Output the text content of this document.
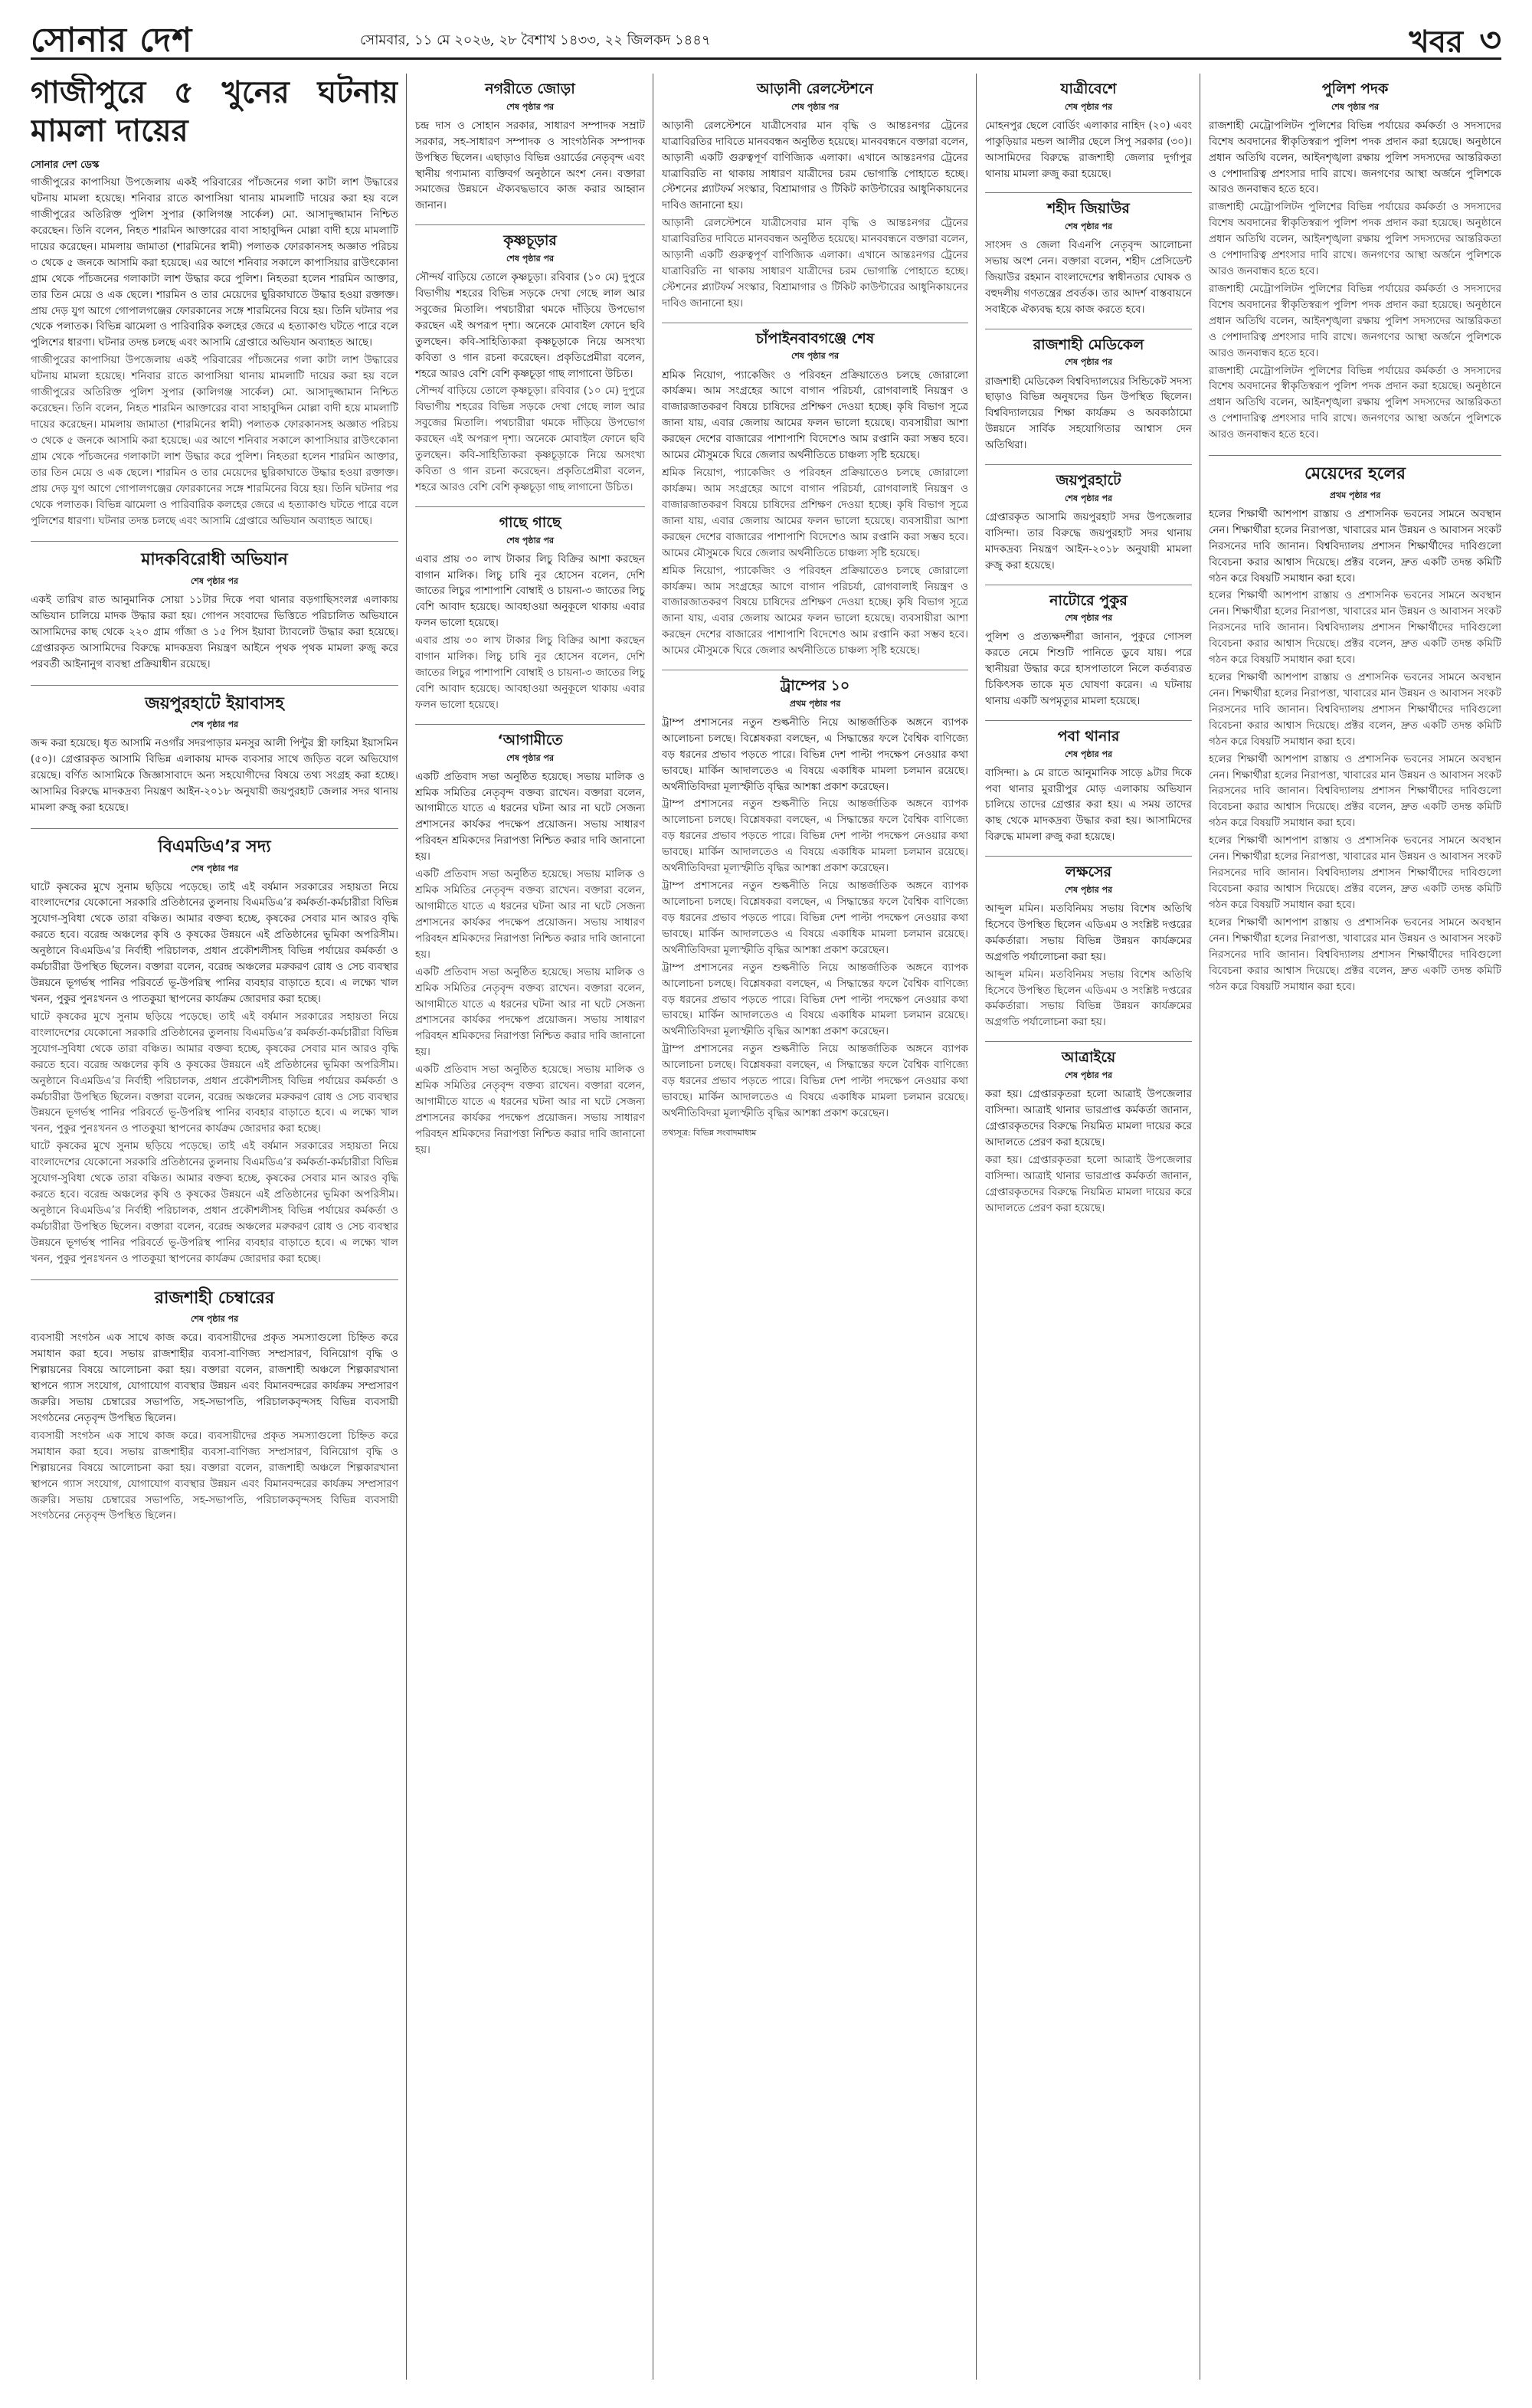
সোনার দেশ	সোমবার, ১১ মে ২০২৬, ২৮ বৈশাখ ১৪৩৩, ২২ জিলকদ ১৪৪৭	খবর ৩
গাজীপুরে ৫ খুনের ঘটনায় মামলা দায়ের
সোনার দেশ ডেস্ক

গাজীপুরের কাপাসিয়া উপজেলায় একই পরিবারের পাঁচজনের গলা কাটা লাশ উদ্ধারের ঘটনায় মামলা হয়েছে। শনিবার রাতে কাপাসিয়া থানায় মামলাটি দায়ের করা হয় বলে গাজীপুরের অতিরিক্ত পুলিশ সুপার (কালিগঞ্জ সার্কেল) মো. আসাদুজ্জামান নিশ্চিত করেছেন। তিনি বলেন, নিহত শারমিন আক্তারের বাবা সাহাবুদ্দিন মোল্লা বাদী হয়ে মামলাটি দায়ের করেছেন। মামলায় জামাতা (শারমিনের স্বামী) পলাতক ফোরকানসহ অজ্ঞাত পরিচয় ৩ থেকে ৫ জনকে আসামি করা হয়েছে। এর আগে শনিবার সকালে কাপাসিয়ার রাউৎকোনা গ্রাম থেকে পাঁচজনের গলাকাটা লাশ উদ্ধার করে পুলিশ। নিহতরা হলেন শারমিন আক্তার, তার তিন মেয়ে ও এক ছেলে। শারমিন ও তার মেয়েদের ছুরিকাঘাতে উদ্ধার হওয়া রক্তাক্ত। প্রায় দেড় যুগ আগে গোপালগঞ্জের ফোরকানের সঙ্গে শারমিনের বিয়ে হয়। তিনি ঘটনার পর থেকে পলাতক। বিভিন্ন ঝামেলা ও পারিবারিক কলহের জেরে এ হত্যাকাণ্ড ঘটতে পারে বলে পুলিশের ধারণা। ঘটনার তদন্ত চলছে এবং আসামি গ্রেপ্তারে অভিযান অব্যাহত আছে।

গাজীপুরের কাপাসিয়া উপজেলায় একই পরিবারের পাঁচজনের গলা কাটা লাশ উদ্ধারের ঘটনায় মামলা হয়েছে। শনিবার রাতে কাপাসিয়া থানায় মামলাটি দায়ের করা হয় বলে গাজীপুরের অতিরিক্ত পুলিশ সুপার (কালিগঞ্জ সার্কেল) মো. আসাদুজ্জামান নিশ্চিত করেছেন। তিনি বলেন, নিহত শারমিন আক্তারের বাবা সাহাবুদ্দিন মোল্লা বাদী হয়ে মামলাটি দায়ের করেছেন। মামলায় জামাতা (শারমিনের স্বামী) পলাতক ফোরকানসহ অজ্ঞাত পরিচয় ৩ থেকে ৫ জনকে আসামি করা হয়েছে। এর আগে শনিবার সকালে কাপাসিয়ার রাউৎকোনা গ্রাম থেকে পাঁচজনের গলাকাটা লাশ উদ্ধার করে পুলিশ। নিহতরা হলেন শারমিন আক্তার, তার তিন মেয়ে ও এক ছেলে। শারমিন ও তার মেয়েদের ছুরিকাঘাতে উদ্ধার হওয়া রক্তাক্ত। প্রায় দেড় যুগ আগে গোপালগঞ্জের ফোরকানের সঙ্গে শারমিনের বিয়ে হয়। তিনি ঘটনার পর থেকে পলাতক। বিভিন্ন ঝামেলা ও পারিবারিক কলহের জেরে এ হত্যাকাণ্ড ঘটতে পারে বলে পুলিশের ধারণা। ঘটনার তদন্ত চলছে এবং আসামি গ্রেপ্তারে অভিযান অব্যাহত আছে।

মাদকবিরোধী অভিযান
শেষ পৃষ্ঠার পর

একই তারিখ রাত আনুমানিক সোয়া ১১টার দিকে পবা থানার বড়গাছিসংলগ্ন এলাকায় অভিযান চালিয়ে মাদক উদ্ধার করা হয়। গোপন সংবাদের ভিত্তিতে পরিচালিত অভিযানে আসামিদের কাছ থেকে ২২০ গ্রাম গাঁজা ও ১৫ পিস ইয়াবা ট্যাবলেট উদ্ধার করা হয়েছে। গ্রেপ্তারকৃত আসামিদের বিরুদ্ধে মাদকদ্রব্য নিয়ন্ত্রণ আইনে পৃথক পৃথক মামলা রুজু করে পরবর্তী আইনানুগ ব্যবস্থা প্রক্রিয়াধীন রয়েছে।

জয়পুরহাটে ইয়াবাসহ
শেষ পৃষ্ঠার পর

জব্দ করা হয়েছে। ধৃত আসামি নওগাঁর সদরপাড়ার মনসুর আলী পিন্টুর স্ত্রী ফাহিমা ইয়াসমিন (৫০)। গ্রেপ্তারকৃত আসামি বিভিন্ন এলাকায় মাদক ব্যবসার সাথে জড়িত বলে অভিযোগ রয়েছে। বর্ণিত আসামিকে জিজ্ঞাসাবাদে অন্য সহযোগীদের বিষয়ে তথ্য সংগ্রহ করা হচ্ছে। আসামির বিরুদ্ধে মাদকদ্রব্য নিয়ন্ত্রণ আইন-২০১৮ অনুযায়ী জয়পুরহাট জেলার সদর থানায় মামলা রুজু করা হয়েছে।

বিএমডিএ’র সদ্য
শেষ পৃষ্ঠার পর

ঘাটে কৃষকের মুখে সুনাম ছড়িয়ে পড়েছে। তাই এই বর্ষমান সরকারের সহায়তা নিয়ে বাংলাদেশের যেকোনো সরকারি প্রতিষ্ঠানের তুলনায় বিএমডিএ’র কর্মকর্তা-কর্মচারীরা বিভিন্ন সুযোগ-সুবিধা থেকে তারা বঞ্চিত। আমার বক্তব্য হচ্ছে, কৃষকের সেবার মান আরও বৃদ্ধি করতে হবে। বরেন্দ্র অঞ্চলের কৃষি ও কৃষকের উন্নয়নে এই প্রতিষ্ঠানের ভূমিকা অপরিসীম। অনুষ্ঠানে বিএমডিএ’র নির্বাহী পরিচালক, প্রধান প্রকৌশলীসহ বিভিন্ন পর্যায়ের কর্মকর্তা ও কর্মচারীরা উপস্থিত ছিলেন। বক্তারা বলেন, বরেন্দ্র অঞ্চলের মরুকরণ রোধ ও সেচ ব্যবস্থার উন্নয়নে ভূগর্ভস্থ পানির পরিবর্তে ভূ-উপরিস্থ পানির ব্যবহার বাড়াতে হবে। এ লক্ষ্যে খাল খনন, পুকুর পুনঃখনন ও পাতকুয়া স্থাপনের কার্যক্রম জোরদার করা হচ্ছে।

ঘাটে কৃষকের মুখে সুনাম ছড়িয়ে পড়েছে। তাই এই বর্ষমান সরকারের সহায়তা নিয়ে বাংলাদেশের যেকোনো সরকারি প্রতিষ্ঠানের তুলনায় বিএমডিএ’র কর্মকর্তা-কর্মচারীরা বিভিন্ন সুযোগ-সুবিধা থেকে তারা বঞ্চিত। আমার বক্তব্য হচ্ছে, কৃষকের সেবার মান আরও বৃদ্ধি করতে হবে। বরেন্দ্র অঞ্চলের কৃষি ও কৃষকের উন্নয়নে এই প্রতিষ্ঠানের ভূমিকা অপরিসীম। অনুষ্ঠানে বিএমডিএ’র নির্বাহী পরিচালক, প্রধান প্রকৌশলীসহ বিভিন্ন পর্যায়ের কর্মকর্তা ও কর্মচারীরা উপস্থিত ছিলেন। বক্তারা বলেন, বরেন্দ্র অঞ্চলের মরুকরণ রোধ ও সেচ ব্যবস্থার উন্নয়নে ভূগর্ভস্থ পানির পরিবর্তে ভূ-উপরিস্থ পানির ব্যবহার বাড়াতে হবে। এ লক্ষ্যে খাল খনন, পুকুর পুনঃখনন ও পাতকুয়া স্থাপনের কার্যক্রম জোরদার করা হচ্ছে।

ঘাটে কৃষকের মুখে সুনাম ছড়িয়ে পড়েছে। তাই এই বর্ষমান সরকারের সহায়তা নিয়ে বাংলাদেশের যেকোনো সরকারি প্রতিষ্ঠানের তুলনায় বিএমডিএ’র কর্মকর্তা-কর্মচারীরা বিভিন্ন সুযোগ-সুবিধা থেকে তারা বঞ্চিত। আমার বক্তব্য হচ্ছে, কৃষকের সেবার মান আরও বৃদ্ধি করতে হবে। বরেন্দ্র অঞ্চলের কৃষি ও কৃষকের উন্নয়নে এই প্রতিষ্ঠানের ভূমিকা অপরিসীম। অনুষ্ঠানে বিএমডিএ’র নির্বাহী পরিচালক, প্রধান প্রকৌশলীসহ বিভিন্ন পর্যায়ের কর্মকর্তা ও কর্মচারীরা উপস্থিত ছিলেন। বক্তারা বলেন, বরেন্দ্র অঞ্চলের মরুকরণ রোধ ও সেচ ব্যবস্থার উন্নয়নে ভূগর্ভস্থ পানির পরিবর্তে ভূ-উপরিস্থ পানির ব্যবহার বাড়াতে হবে। এ লক্ষ্যে খাল খনন, পুকুর পুনঃখনন ও পাতকুয়া স্থাপনের কার্যক্রম জোরদার করা হচ্ছে।

রাজশাহী চেম্বারের
শেষ পৃষ্ঠার পর

ব্যবসায়ী সংগঠন এক সাথে কাজ করে। ব্যবসায়ীদের প্রকৃত সমস্যাগুলো চিহ্নিত করে সমাধান করা হবে। সভায় রাজশাহীর ব্যবসা-বাণিজ্য সম্প্রসারণ, বিনিয়োগ বৃদ্ধি ও শিল্পায়নের বিষয়ে আলোচনা করা হয়। বক্তারা বলেন, রাজশাহী অঞ্চলে শিল্পকারখানা স্থাপনে গ্যাস সংযোগ, যোগাযোগ ব্যবস্থার উন্নয়ন এবং বিমানবন্দরের কার্যক্রম সম্প্রসারণ জরুরি। সভায় চেম্বারের সভাপতি, সহ-সভাপতি, পরিচালকবৃন্দসহ বিভিন্ন ব্যবসায়ী সংগঠনের নেতৃবৃন্দ উপস্থিত ছিলেন।

ব্যবসায়ী সংগঠন এক সাথে কাজ করে। ব্যবসায়ীদের প্রকৃত সমস্যাগুলো চিহ্নিত করে সমাধান করা হবে। সভায় রাজশাহীর ব্যবসা-বাণিজ্য সম্প্রসারণ, বিনিয়োগ বৃদ্ধি ও শিল্পায়নের বিষয়ে আলোচনা করা হয়। বক্তারা বলেন, রাজশাহী অঞ্চলে শিল্পকারখানা স্থাপনে গ্যাস সংযোগ, যোগাযোগ ব্যবস্থার উন্নয়ন এবং বিমানবন্দরের কার্যক্রম সম্প্রসারণ জরুরি। সভায় চেম্বারের সভাপতি, সহ-সভাপতি, পরিচালকবৃন্দসহ বিভিন্ন ব্যবসায়ী সংগঠনের নেতৃবৃন্দ উপস্থিত ছিলেন।

নগরীতে জোড়া
শেষ পৃষ্ঠার পর

চন্দ্র দাস ও সোহান সরকার, সাধারণ সম্পাদক সম্রাট সরকার, সহ-সাধারণ সম্পাদক ও সাংগঠনিক সম্পাদক উপস্থিত ছিলেন। এছাড়াও বিভিন্ন ওয়ার্ডের নেতৃবৃন্দ এবং স্থানীয় গণ্যমান্য ব্যক্তিবর্গ অনুষ্ঠানে অংশ নেন। বক্তারা সমাজের উন্নয়নে ঐক্যবদ্ধভাবে কাজ করার আহ্বান জানান।

কৃষ্ণচূড়ার
শেষ পৃষ্ঠার পর

সৌন্দর্য বাড়িয়ে তোলে কৃষ্ণচূড়া। রবিবার (১০ মে) দুপুরে বিভাগীয় শহরের বিভিন্ন সড়কে দেখা গেছে লাল আর সবুজের মিতালি। পথচারীরা থমকে দাঁড়িয়ে উপভোগ করছেন এই অপরূপ দৃশ্য। অনেকে মোবাইল ফোনে ছবি তুলছেন। কবি-সাহিত্যিকরা কৃষ্ণচূড়াকে নিয়ে অসংখ্য কবিতা ও গান রচনা করেছেন। প্রকৃতিপ্রেমীরা বলেন, শহরে আরও বেশি বেশি কৃষ্ণচূড়া গাছ লাগানো উচিত।

সৌন্দর্য বাড়িয়ে তোলে কৃষ্ণচূড়া। রবিবার (১০ মে) দুপুরে বিভাগীয় শহরের বিভিন্ন সড়কে দেখা গেছে লাল আর সবুজের মিতালি। পথচারীরা থমকে দাঁড়িয়ে উপভোগ করছেন এই অপরূপ দৃশ্য। অনেকে মোবাইল ফোনে ছবি তুলছেন। কবি-সাহিত্যিকরা কৃষ্ণচূড়াকে নিয়ে অসংখ্য কবিতা ও গান রচনা করেছেন। প্রকৃতিপ্রেমীরা বলেন, শহরে আরও বেশি বেশি কৃষ্ণচূড়া গাছ লাগানো উচিত।

গাছে গাছে
শেষ পৃষ্ঠার পর

এবার প্রায় ৩০ লাখ টাকার লিচু বিক্রির আশা করছেন বাগান মালিক। লিচু চাষি নুর হোসেন বলেন, দেশি জাতের লিচুর পাশাপাশি বোম্বাই ও চায়না-৩ জাতের লিচু বেশি আবাদ হয়েছে। আবহাওয়া অনুকূলে থাকায় এবার ফলন ভালো হয়েছে।

এবার প্রায় ৩০ লাখ টাকার লিচু বিক্রির আশা করছেন বাগান মালিক। লিচু চাষি নুর হোসেন বলেন, দেশি জাতের লিচুর পাশাপাশি বোম্বাই ও চায়না-৩ জাতের লিচু বেশি আবাদ হয়েছে। আবহাওয়া অনুকূলে থাকায় এবার ফলন ভালো হয়েছে।

‘আগামীতে
শেষ পৃষ্ঠার পর

একটি প্রতিবাদ সভা অনুষ্ঠিত হয়েছে। সভায় মালিক ও শ্রমিক সমিতির নেতৃবৃন্দ বক্তব্য রাখেন। বক্তারা বলেন, আগামীতে যাতে এ ধরনের ঘটনা আর না ঘটে সেজন্য প্রশাসনের কার্যকর পদক্ষেপ প্রয়োজন। সভায় সাধারণ পরিবহন শ্রমিকদের নিরাপত্তা নিশ্চিত করার দাবি জানানো হয়।

একটি প্রতিবাদ সভা অনুষ্ঠিত হয়েছে। সভায় মালিক ও শ্রমিক সমিতির নেতৃবৃন্দ বক্তব্য রাখেন। বক্তারা বলেন, আগামীতে যাতে এ ধরনের ঘটনা আর না ঘটে সেজন্য প্রশাসনের কার্যকর পদক্ষেপ প্রয়োজন। সভায় সাধারণ পরিবহন শ্রমিকদের নিরাপত্তা নিশ্চিত করার দাবি জানানো হয়।

একটি প্রতিবাদ সভা অনুষ্ঠিত হয়েছে। সভায় মালিক ও শ্রমিক সমিতির নেতৃবৃন্দ বক্তব্য রাখেন। বক্তারা বলেন, আগামীতে যাতে এ ধরনের ঘটনা আর না ঘটে সেজন্য প্রশাসনের কার্যকর পদক্ষেপ প্রয়োজন। সভায় সাধারণ পরিবহন শ্রমিকদের নিরাপত্তা নিশ্চিত করার দাবি জানানো হয়।

একটি প্রতিবাদ সভা অনুষ্ঠিত হয়েছে। সভায় মালিক ও শ্রমিক সমিতির নেতৃবৃন্দ বক্তব্য রাখেন। বক্তারা বলেন, আগামীতে যাতে এ ধরনের ঘটনা আর না ঘটে সেজন্য প্রশাসনের কার্যকর পদক্ষেপ প্রয়োজন। সভায় সাধারণ পরিবহন শ্রমিকদের নিরাপত্তা নিশ্চিত করার দাবি জানানো হয়।

আড়ানী রেলস্টেশনে
শেষ পৃষ্ঠার পর

আড়ানী রেলস্টেশনে যাত্রীসেবার মান বৃদ্ধি ও আন্তঃনগর ট্রেনের যাত্রাবিরতির দাবিতে মানববন্ধন অনুষ্ঠিত হয়েছে। মানববন্ধনে বক্তারা বলেন, আড়ানী একটি গুরুত্বপূর্ণ বাণিজ্যিক এলাকা। এখানে আন্তঃনগর ট্রেনের যাত্রাবিরতি না থাকায় সাধারণ যাত্রীদের চরম ভোগান্তি পোহাতে হচ্ছে। স্টেশনের প্ল্যাটফর্ম সংস্কার, বিশ্রামাগার ও টিকিট কাউন্টারের আধুনিকায়নের দাবিও জানানো হয়।

আড়ানী রেলস্টেশনে যাত্রীসেবার মান বৃদ্ধি ও আন্তঃনগর ট্রেনের যাত্রাবিরতির দাবিতে মানববন্ধন অনুষ্ঠিত হয়েছে। মানববন্ধনে বক্তারা বলেন, আড়ানী একটি গুরুত্বপূর্ণ বাণিজ্যিক এলাকা। এখানে আন্তঃনগর ট্রেনের যাত্রাবিরতি না থাকায় সাধারণ যাত্রীদের চরম ভোগান্তি পোহাতে হচ্ছে। স্টেশনের প্ল্যাটফর্ম সংস্কার, বিশ্রামাগার ও টিকিট কাউন্টারের আধুনিকায়নের দাবিও জানানো হয়।

চাঁপাইনবাবগঞ্জে শেষ
শেষ পৃষ্ঠার পর

শ্রমিক নিয়োগ, প্যাকেজিং ও পরিবহন প্রক্রিয়াতেও চলছে জোরালো কার্যক্রম। আম সংগ্রহের আগে বাগান পরিচর্যা, রোগবালাই নিয়ন্ত্রণ ও বাজারজাতকরণ বিষয়ে চাষিদের প্রশিক্ষণ দেওয়া হচ্ছে। কৃষি বিভাগ সূত্রে জানা যায়, এবার জেলায় আমের ফলন ভালো হয়েছে। ব্যবসায়ীরা আশা করছেন দেশের বাজারের পাশাপাশি বিদেশেও আম রপ্তানি করা সম্ভব হবে। আমের মৌসুমকে ঘিরে জেলার অর্থনীতিতে চাঞ্চল্য সৃষ্টি হয়েছে।

শ্রমিক নিয়োগ, প্যাকেজিং ও পরিবহন প্রক্রিয়াতেও চলছে জোরালো কার্যক্রম। আম সংগ্রহের আগে বাগান পরিচর্যা, রোগবালাই নিয়ন্ত্রণ ও বাজারজাতকরণ বিষয়ে চাষিদের প্রশিক্ষণ দেওয়া হচ্ছে। কৃষি বিভাগ সূত্রে জানা যায়, এবার জেলায় আমের ফলন ভালো হয়েছে। ব্যবসায়ীরা আশা করছেন দেশের বাজারের পাশাপাশি বিদেশেও আম রপ্তানি করা সম্ভব হবে। আমের মৌসুমকে ঘিরে জেলার অর্থনীতিতে চাঞ্চল্য সৃষ্টি হয়েছে।

শ্রমিক নিয়োগ, প্যাকেজিং ও পরিবহন প্রক্রিয়াতেও চলছে জোরালো কার্যক্রম। আম সংগ্রহের আগে বাগান পরিচর্যা, রোগবালাই নিয়ন্ত্রণ ও বাজারজাতকরণ বিষয়ে চাষিদের প্রশিক্ষণ দেওয়া হচ্ছে। কৃষি বিভাগ সূত্রে জানা যায়, এবার জেলায় আমের ফলন ভালো হয়েছে। ব্যবসায়ীরা আশা করছেন দেশের বাজারের পাশাপাশি বিদেশেও আম রপ্তানি করা সম্ভব হবে। আমের মৌসুমকে ঘিরে জেলার অর্থনীতিতে চাঞ্চল্য সৃষ্টি হয়েছে।

ট্রাম্পের ১০
প্রথম পৃষ্ঠার পর

ট্রাম্প প্রশাসনের নতুন শুল্কনীতি নিয়ে আন্তর্জাতিক অঙ্গনে ব্যাপক আলোচনা চলছে। বিশ্লেষকরা বলছেন, এ সিদ্ধান্তের ফলে বৈশ্বিক বাণিজ্যে বড় ধরনের প্রভাব পড়তে পারে। বিভিন্ন দেশ পাল্টা পদক্ষেপ নেওয়ার কথা ভাবছে। মার্কিন আদালতেও এ বিষয়ে একাধিক মামলা চলমান রয়েছে। অর্থনীতিবিদরা মূল্যস্ফীতি বৃদ্ধির আশঙ্কা প্রকাশ করেছেন।

ট্রাম্প প্রশাসনের নতুন শুল্কনীতি নিয়ে আন্তর্জাতিক অঙ্গনে ব্যাপক আলোচনা চলছে। বিশ্লেষকরা বলছেন, এ সিদ্ধান্তের ফলে বৈশ্বিক বাণিজ্যে বড় ধরনের প্রভাব পড়তে পারে। বিভিন্ন দেশ পাল্টা পদক্ষেপ নেওয়ার কথা ভাবছে। মার্কিন আদালতেও এ বিষয়ে একাধিক মামলা চলমান রয়েছে। অর্থনীতিবিদরা মূল্যস্ফীতি বৃদ্ধির আশঙ্কা প্রকাশ করেছেন।

ট্রাম্প প্রশাসনের নতুন শুল্কনীতি নিয়ে আন্তর্জাতিক অঙ্গনে ব্যাপক আলোচনা চলছে। বিশ্লেষকরা বলছেন, এ সিদ্ধান্তের ফলে বৈশ্বিক বাণিজ্যে বড় ধরনের প্রভাব পড়তে পারে। বিভিন্ন দেশ পাল্টা পদক্ষেপ নেওয়ার কথা ভাবছে। মার্কিন আদালতেও এ বিষয়ে একাধিক মামলা চলমান রয়েছে। অর্থনীতিবিদরা মূল্যস্ফীতি বৃদ্ধির আশঙ্কা প্রকাশ করেছেন।

ট্রাম্প প্রশাসনের নতুন শুল্কনীতি নিয়ে আন্তর্জাতিক অঙ্গনে ব্যাপক আলোচনা চলছে। বিশ্লেষকরা বলছেন, এ সিদ্ধান্তের ফলে বৈশ্বিক বাণিজ্যে বড় ধরনের প্রভাব পড়তে পারে। বিভিন্ন দেশ পাল্টা পদক্ষেপ নেওয়ার কথা ভাবছে। মার্কিন আদালতেও এ বিষয়ে একাধিক মামলা চলমান রয়েছে। অর্থনীতিবিদরা মূল্যস্ফীতি বৃদ্ধির আশঙ্কা প্রকাশ করেছেন।

ট্রাম্প প্রশাসনের নতুন শুল্কনীতি নিয়ে আন্তর্জাতিক অঙ্গনে ব্যাপক আলোচনা চলছে। বিশ্লেষকরা বলছেন, এ সিদ্ধান্তের ফলে বৈশ্বিক বাণিজ্যে বড় ধরনের প্রভাব পড়তে পারে। বিভিন্ন দেশ পাল্টা পদক্ষেপ নেওয়ার কথা ভাবছে। মার্কিন আদালতেও এ বিষয়ে একাধিক মামলা চলমান রয়েছে। অর্থনীতিবিদরা মূল্যস্ফীতি বৃদ্ধির আশঙ্কা প্রকাশ করেছেন।

তথ্যসূত্র: বিভিন্ন সংবাদমাধ্যম

যাত্রীবেশে
শেষ পৃষ্ঠার পর

মোহনপুর ছেলে বোর্ডিং এলাকার নাহিদ (২০) এবং পাকুড়িয়ার মন্ডল আলীর ছেলে সিপু সরকার (৩০)। আসামিদের বিরুদ্ধে রাজশাহী জেলার দুর্গাপুর থানায় মামলা রুজু করা হয়েছে।

শহীদ জিয়াউর
শেষ পৃষ্ঠার পর

সাংসদ ও জেলা বিএনপি নেতৃবৃন্দ আলোচনা সভায় অংশ নেন। বক্তারা বলেন, শহীদ প্রেসিডেন্ট জিয়াউর রহমান বাংলাদেশের স্বাধীনতার ঘোষক ও বহুদলীয় গণতন্ত্রের প্রবর্তক। তার আদর্শ বাস্তবায়নে সবাইকে ঐক্যবদ্ধ হয়ে কাজ করতে হবে।

রাজশাহী মেডিকেল
শেষ পৃষ্ঠার পর

রাজশাহী মেডিকেল বিশ্ববিদ্যালয়ের সিন্ডিকেট সদস্য ছাড়াও বিভিন্ন অনুষদের ডিন উপস্থিত ছিলেন। বিশ্ববিদ্যালয়ের শিক্ষা কার্যক্রম ও অবকাঠামো উন্নয়নে সার্বিক সহযোগিতার আশ্বাস দেন অতিথিরা।

জয়পুরহাটে
শেষ পৃষ্ঠার পর

গ্রেপ্তারকৃত আসামি জয়পুরহাট সদর উপজেলার বাসিন্দা। তার বিরুদ্ধে জয়পুরহাট সদর থানায় মাদকদ্রব্য নিয়ন্ত্রণ আইন-২০১৮ অনুযায়ী মামলা রুজু করা হয়েছে।

নাটোরে পুকুর
শেষ পৃষ্ঠার পর

পুলিশ ও প্রত্যক্ষদর্শীরা জানান, পুকুরে গোসল করতে নেমে শিশুটি পানিতে ডুবে যায়। পরে স্থানীয়রা উদ্ধার করে হাসপাতালে নিলে কর্তব্যরত চিকিৎসক তাকে মৃত ঘোষণা করেন। এ ঘটনায় থানায় একটি অপমৃত্যুর মামলা হয়েছে।

পবা থানার
শেষ পৃষ্ঠার পর

বাসিন্দা। ৯ মে রাতে আনুমানিক সাড়ে ৯টার দিকে পবা থানার মুরারীপুর মোড় এলাকায় অভিযান চালিয়ে তাদের গ্রেপ্তার করা হয়। এ সময় তাদের কাছ থেকে মাদকদ্রব্য উদ্ধার করা হয়। আসামিদের বিরুদ্ধে মামলা রুজু করা হয়েছে।

লক্ষসের
শেষ পৃষ্ঠার পর

আব্দুল মমিন। মতবিনিময় সভায় বিশেষ অতিথি হিসেবে উপস্থিত ছিলেন এডিএম ও সংশ্লিষ্ট দপ্তরের কর্মকর্তারা। সভায় বিভিন্ন উন্নয়ন কার্যক্রমের অগ্রগতি পর্যালোচনা করা হয়।

আব্দুল মমিন। মতবিনিময় সভায় বিশেষ অতিথি হিসেবে উপস্থিত ছিলেন এডিএম ও সংশ্লিষ্ট দপ্তরের কর্মকর্তারা। সভায় বিভিন্ন উন্নয়ন কার্যক্রমের অগ্রগতি পর্যালোচনা করা হয়।

আত্রাইয়ে
শেষ পৃষ্ঠার পর

করা হয়। গ্রেপ্তারকৃতরা হলো আত্রাই উপজেলার বাসিন্দা। আত্রাই থানার ভারপ্রাপ্ত কর্মকর্তা জানান, গ্রেপ্তারকৃতদের বিরুদ্ধে নিয়মিত মামলা দায়ের করে আদালতে প্রেরণ করা হয়েছে।

করা হয়। গ্রেপ্তারকৃতরা হলো আত্রাই উপজেলার বাসিন্দা। আত্রাই থানার ভারপ্রাপ্ত কর্মকর্তা জানান, গ্রেপ্তারকৃতদের বিরুদ্ধে নিয়মিত মামলা দায়ের করে আদালতে প্রেরণ করা হয়েছে।

পুলিশ পদক
শেষ পৃষ্ঠার পর

রাজশাহী মেট্রোপলিটন পুলিশের বিভিন্ন পর্যায়ের কর্মকর্তা ও সদস্যদের বিশেষ অবদানের স্বীকৃতিস্বরূপ পুলিশ পদক প্রদান করা হয়েছে। অনুষ্ঠানে প্রধান অতিথি বলেন, আইনশৃঙ্খলা রক্ষায় পুলিশ সদস্যদের আন্তরিকতা ও পেশাদারিত্ব প্রশংসার দাবি রাখে। জনগণের আস্থা অর্জনে পুলিশকে আরও জনবান্ধব হতে হবে।

রাজশাহী মেট্রোপলিটন পুলিশের বিভিন্ন পর্যায়ের কর্মকর্তা ও সদস্যদের বিশেষ অবদানের স্বীকৃতিস্বরূপ পুলিশ পদক প্রদান করা হয়েছে। অনুষ্ঠানে প্রধান অতিথি বলেন, আইনশৃঙ্খলা রক্ষায় পুলিশ সদস্যদের আন্তরিকতা ও পেশাদারিত্ব প্রশংসার দাবি রাখে। জনগণের আস্থা অর্জনে পুলিশকে আরও জনবান্ধব হতে হবে।

রাজশাহী মেট্রোপলিটন পুলিশের বিভিন্ন পর্যায়ের কর্মকর্তা ও সদস্যদের বিশেষ অবদানের স্বীকৃতিস্বরূপ পুলিশ পদক প্রদান করা হয়েছে। অনুষ্ঠানে প্রধান অতিথি বলেন, আইনশৃঙ্খলা রক্ষায় পুলিশ সদস্যদের আন্তরিকতা ও পেশাদারিত্ব প্রশংসার দাবি রাখে। জনগণের আস্থা অর্জনে পুলিশকে আরও জনবান্ধব হতে হবে।

রাজশাহী মেট্রোপলিটন পুলিশের বিভিন্ন পর্যায়ের কর্মকর্তা ও সদস্যদের বিশেষ অবদানের স্বীকৃতিস্বরূপ পুলিশ পদক প্রদান করা হয়েছে। অনুষ্ঠানে প্রধান অতিথি বলেন, আইনশৃঙ্খলা রক্ষায় পুলিশ সদস্যদের আন্তরিকতা ও পেশাদারিত্ব প্রশংসার দাবি রাখে। জনগণের আস্থা অর্জনে পুলিশকে আরও জনবান্ধব হতে হবে।

মেয়েদের হলের
প্রথম পৃষ্ঠার পর

হলের শিক্ষার্থী আশপাশ রাস্তায় ও প্রশাসনিক ভবনের সামনে অবস্থান নেন। শিক্ষার্থীরা হলের নিরাপত্তা, খাবারের মান উন্নয়ন ও আবাসন সংকট নিরসনের দাবি জানান। বিশ্ববিদ্যালয় প্রশাসন শিক্ষার্থীদের দাবিগুলো বিবেচনা করার আশ্বাস দিয়েছে। প্রক্টর বলেন, দ্রুত একটি তদন্ত কমিটি গঠন করে বিষয়টি সমাধান করা হবে।

হলের শিক্ষার্থী আশপাশ রাস্তায় ও প্রশাসনিক ভবনের সামনে অবস্থান নেন। শিক্ষার্থীরা হলের নিরাপত্তা, খাবারের মান উন্নয়ন ও আবাসন সংকট নিরসনের দাবি জানান। বিশ্ববিদ্যালয় প্রশাসন শিক্ষার্থীদের দাবিগুলো বিবেচনা করার আশ্বাস দিয়েছে। প্রক্টর বলেন, দ্রুত একটি তদন্ত কমিটি গঠন করে বিষয়টি সমাধান করা হবে।

হলের শিক্ষার্থী আশপাশ রাস্তায় ও প্রশাসনিক ভবনের সামনে অবস্থান নেন। শিক্ষার্থীরা হলের নিরাপত্তা, খাবারের মান উন্নয়ন ও আবাসন সংকট নিরসনের দাবি জানান। বিশ্ববিদ্যালয় প্রশাসন শিক্ষার্থীদের দাবিগুলো বিবেচনা করার আশ্বাস দিয়েছে। প্রক্টর বলেন, দ্রুত একটি তদন্ত কমিটি গঠন করে বিষয়টি সমাধান করা হবে।

হলের শিক্ষার্থী আশপাশ রাস্তায় ও প্রশাসনিক ভবনের সামনে অবস্থান নেন। শিক্ষার্থীরা হলের নিরাপত্তা, খাবারের মান উন্নয়ন ও আবাসন সংকট নিরসনের দাবি জানান। বিশ্ববিদ্যালয় প্রশাসন শিক্ষার্থীদের দাবিগুলো বিবেচনা করার আশ্বাস দিয়েছে। প্রক্টর বলেন, দ্রুত একটি তদন্ত কমিটি গঠন করে বিষয়টি সমাধান করা হবে।

হলের শিক্ষার্থী আশপাশ রাস্তায় ও প্রশাসনিক ভবনের সামনে অবস্থান নেন। শিক্ষার্থীরা হলের নিরাপত্তা, খাবারের মান উন্নয়ন ও আবাসন সংকট নিরসনের দাবি জানান। বিশ্ববিদ্যালয় প্রশাসন শিক্ষার্থীদের দাবিগুলো বিবেচনা করার আশ্বাস দিয়েছে। প্রক্টর বলেন, দ্রুত একটি তদন্ত কমিটি গঠন করে বিষয়টি সমাধান করা হবে।

হলের শিক্ষার্থী আশপাশ রাস্তায় ও প্রশাসনিক ভবনের সামনে অবস্থান নেন। শিক্ষার্থীরা হলের নিরাপত্তা, খাবারের মান উন্নয়ন ও আবাসন সংকট নিরসনের দাবি জানান। বিশ্ববিদ্যালয় প্রশাসন শিক্ষার্থীদের দাবিগুলো বিবেচনা করার আশ্বাস দিয়েছে। প্রক্টর বলেন, দ্রুত একটি তদন্ত কমিটি গঠন করে বিষয়টি সমাধান করা হবে।
